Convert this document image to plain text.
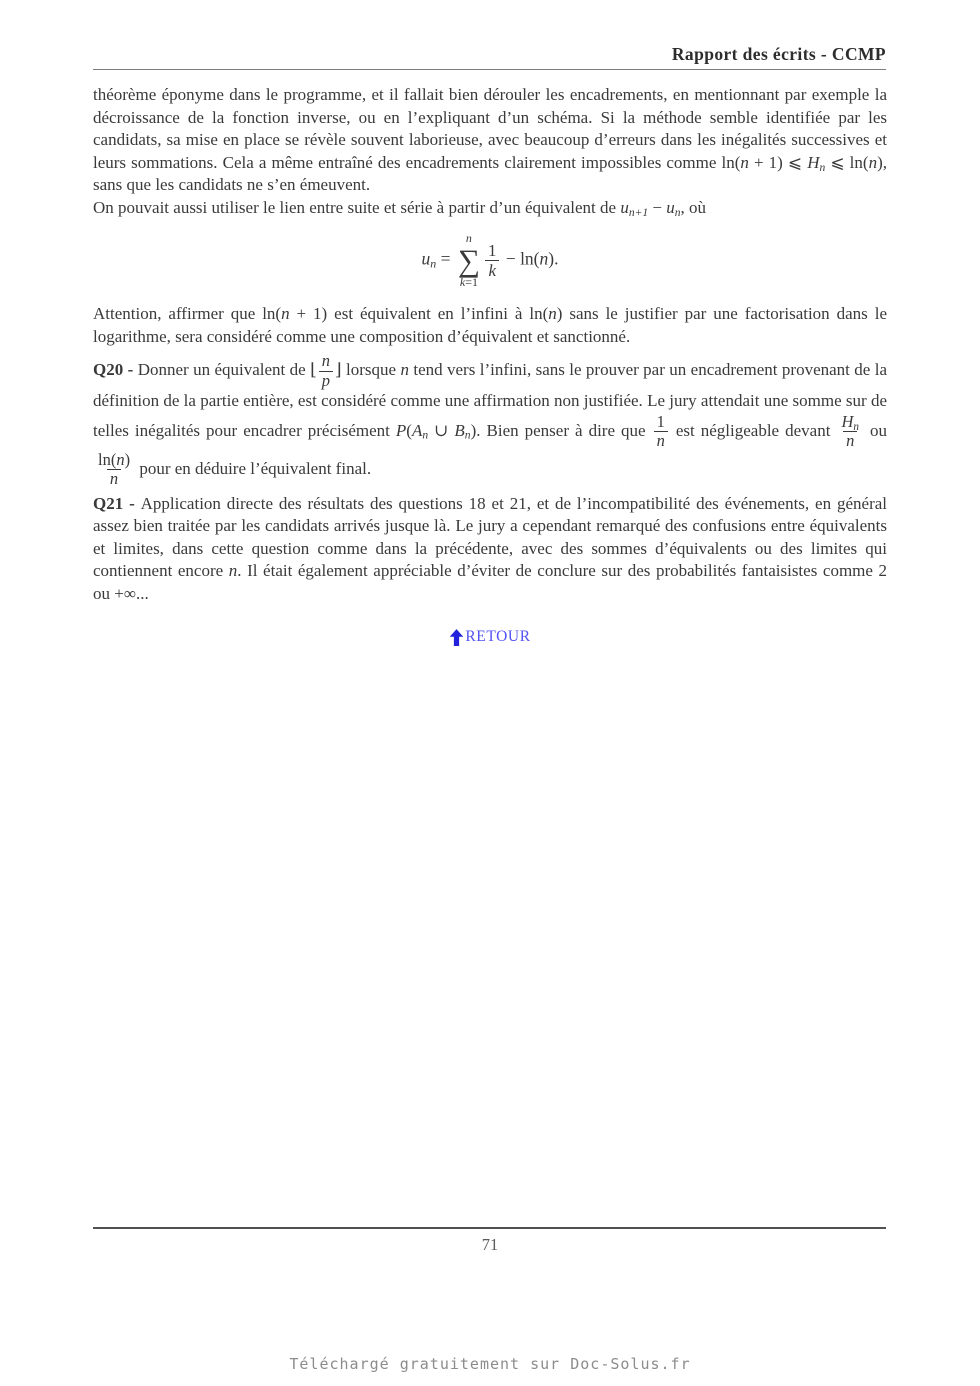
Rapport des écrits - CCMP

théorème éponyme dans le programme, et il fallait bien dérouler les encadrements, en mentionnant par exemple la décroissance de la fonction inverse, ou en l’expliquant d’un schéma. Si la méthode semble identifiée par les candidats, sa mise en place se révèle souvent laborieuse, avec beaucoup d’erreurs dans les inégalités successives et leurs sommations. Cela a même entraîné des encadrements clairement impossibles comme ln(n + 1) ⩽ $H_n$ ⩽ ln(n), sans que les candidats ne s’en émeuvent.

On pouvait aussi utiliser le lien entre suite et série à partir d’un équivalent de $u_{n+1} - u_n$, où

$u_n$ =
n
∑
k=1
$\frac{1}{k} - \ln(n)$.

Attention, affirmer que ln(n + 1) est équivalent en l’infini à ln(n) sans le justifier par une factorisation dans le logarithme, sera considéré comme une composition d’équivalent et sanctionné.

Q20 - Donner un équivalent de ⌊ $\frac{n}{p}$ ⌋ lorsque n tend vers l’infini, sans le prouver par un encadrement provenant de la définition de la partie entière, est considéré comme une affirmation non justifiée. Le jury attendait une somme sur de telles inégalités pour encadrer précisément $P(A_n$ ∪ $B_n$). Bien penser à dire que $\frac{1}{n}$ est négligeable devant $\frac{H_n}{n}$ ou
$\frac{\ln(n)}{n}$ pour en déduire l’équivalent final.

Q21 - Application directe des résultats des questions 18 et 21, et de l’incompatibilité des événements, en général assez bien traitée par les candidats arrivés jusque là. Le jury a cependant remarqué des confusions entre équivalents et limites, dans cette question comme dans la précédente, avec des sommes d’équivalents ou des limites qui contiennent encore n. Il était également appréciable d’éviter de conclure sur des probabilités fantaisistes comme 2 ou +∞...

RETOUR
71
Téléchargé gratuitement sur Doc-Solus.fr
